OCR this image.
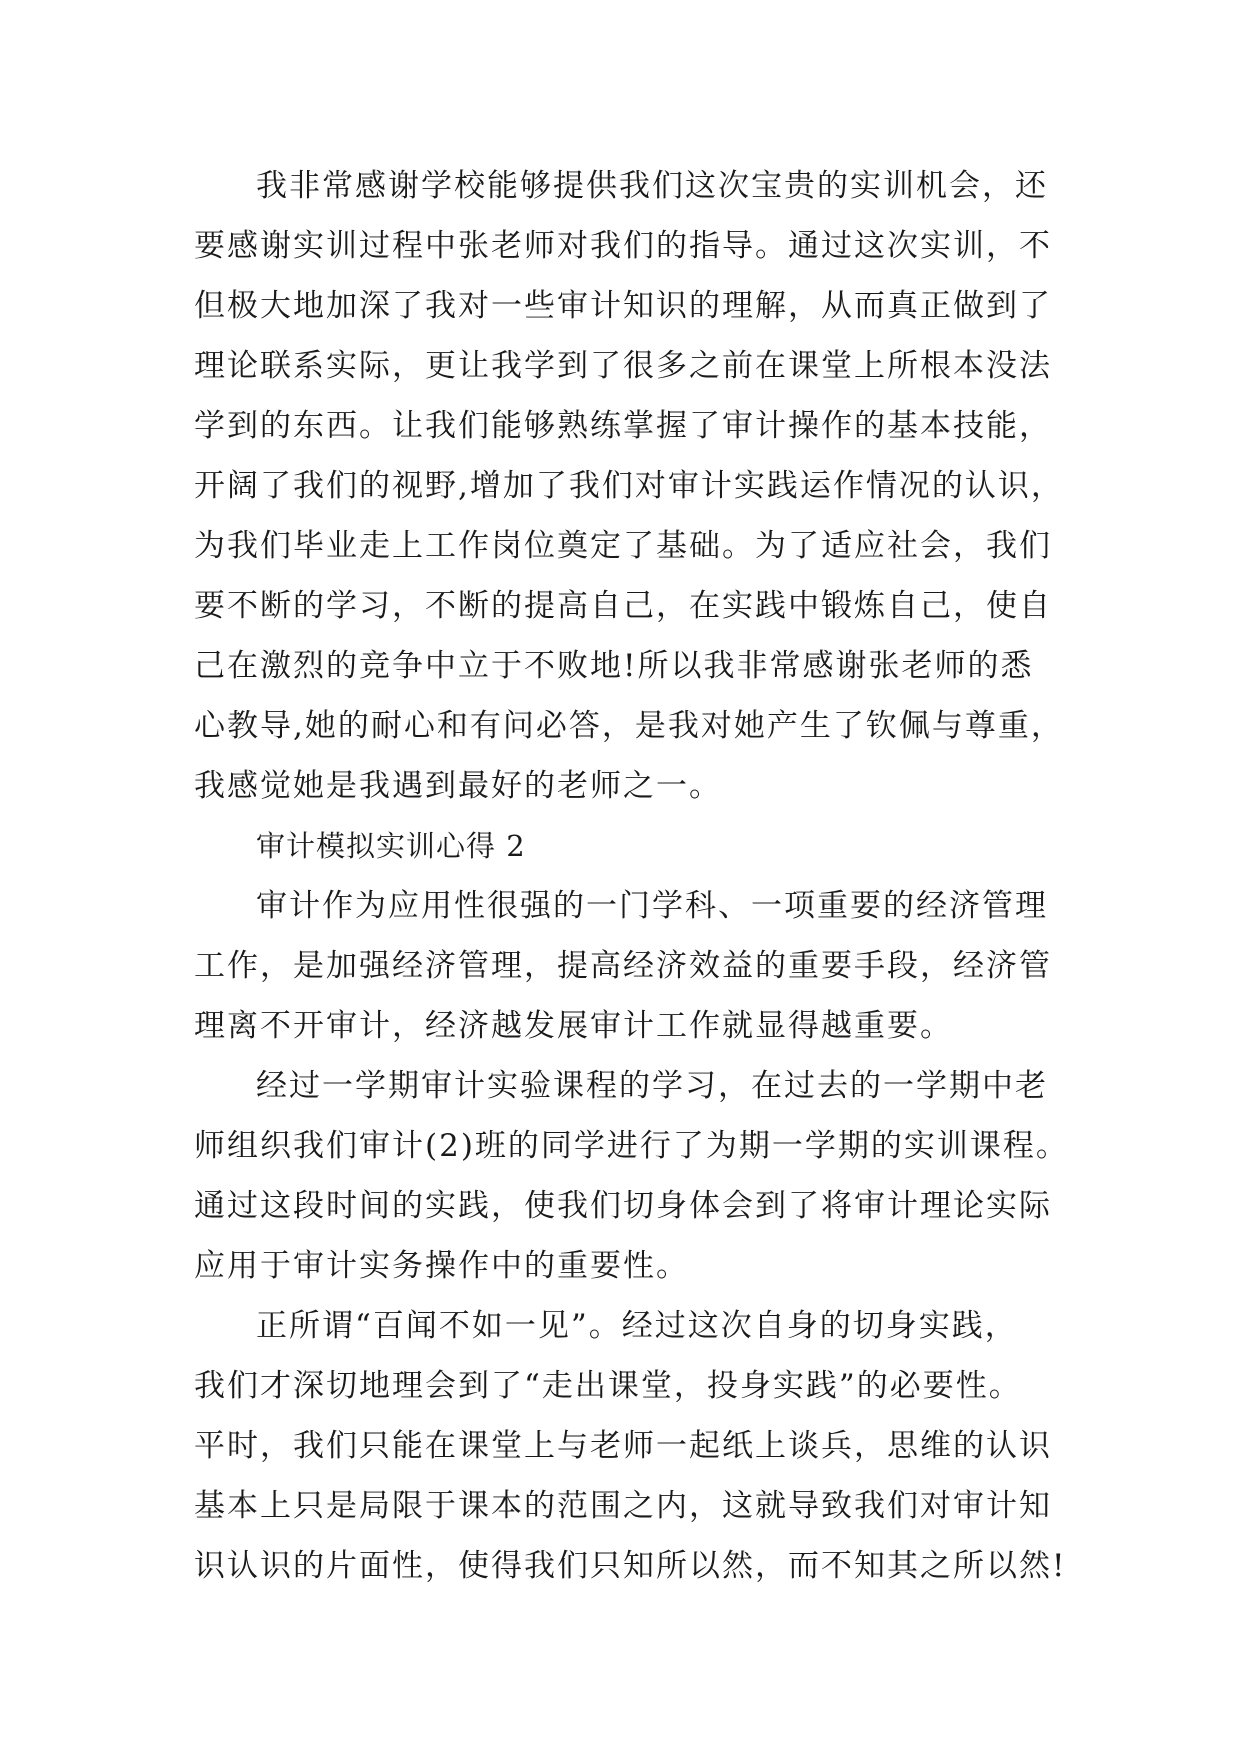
我非常感谢学校能够提供我们这次宝贵的实训机会，还
要感谢实训过程中张老师对我们的指导。通过这次实训，不
但极大地加深了我对一些审计知识的理解，从而真正做到了
理论联系实际，更让我学到了很多之前在课堂上所根本没法
学到的东西。让我们能够熟练掌握了审计操作的基本技能，
开阔了我们的视野,增加了我们对审计实践运作情况的认识，
为我们毕业走上工作岗位奠定了基础。为了适应社会，我们
要不断的学习，不断的提高自己，在实践中锻炼自己，使自
己在激烈的竞争中立于不败地!所以我非常感谢张老师的悉
心教导,她的耐心和有问必答，是我对她产生了钦佩与尊重，
我感觉她是我遇到最好的老师之一。
审计模拟实训心得 2
审计作为应用性很强的一门学科、一项重要的经济管理
工作，是加强经济管理，提高经济效益的重要手段，经济管
理离不开审计，经济越发展审计工作就显得越重要。
经过一学期审计实验课程的学习，在过去的一学期中老
师组织我们审计(2)班的同学进行了为期一学期的实训课程。
通过这段时间的实践，使我们切身体会到了将审计理论实际
应用于审计实务操作中的重要性。
正所谓“百闻不如一见”。经过这次自身的切身实践，
我们才深切地理会到了“走出课堂，投身实践”的必要性。
平时，我们只能在课堂上与老师一起纸上谈兵，思维的认识
基本上只是局限于课本的范围之内，这就导致我们对审计知
识认识的片面性，使得我们只知所以然，而不知其之所以然!
